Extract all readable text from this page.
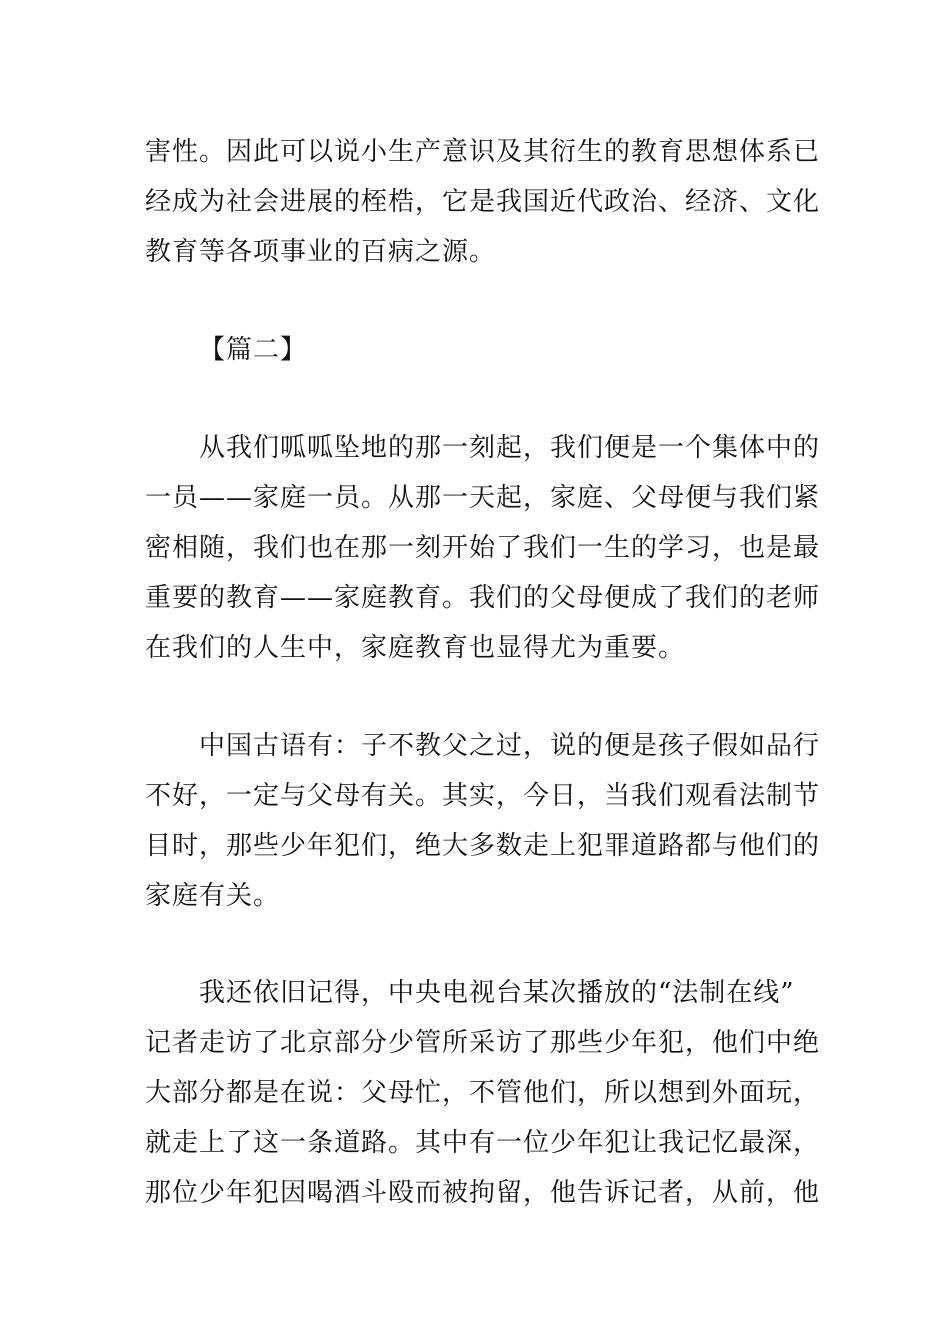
害性。因此可以说小生产意识及其衍生的教育思想体系已
经成为社会进展的桎梏，它是我国近代政治、经济、文化
教育等各项事业的百病之源。
【篇二】
从我们呱呱坠地的那一刻起，我们便是一个集体中的
一员——家庭一员。从那一天起，家庭、父母便与我们紧
密相随，我们也在那一刻开始了我们一生的学习，也是最
重要的教育——家庭教育。我们的父母便成了我们的老师
在我们的人生中，家庭教育也显得尤为重要。
中国古语有：子不教父之过，说的便是孩子假如品行
不好，一定与父母有关。其实，今日，当我们观看法制节
目时，那些少年犯们，绝大多数走上犯罪道路都与他们的
家庭有关。
我还依旧记得，中央电视台某次播放的“法制在线”
记者走访了北京部分少管所采访了那些少年犯，他们中绝
大部分都是在说：父母忙，不管他们，所以想到外面玩，
就走上了这一条道路。其中有一位少年犯让我记忆最深，
那位少年犯因喝酒斗殴而被拘留，他告诉记者，从前，他
